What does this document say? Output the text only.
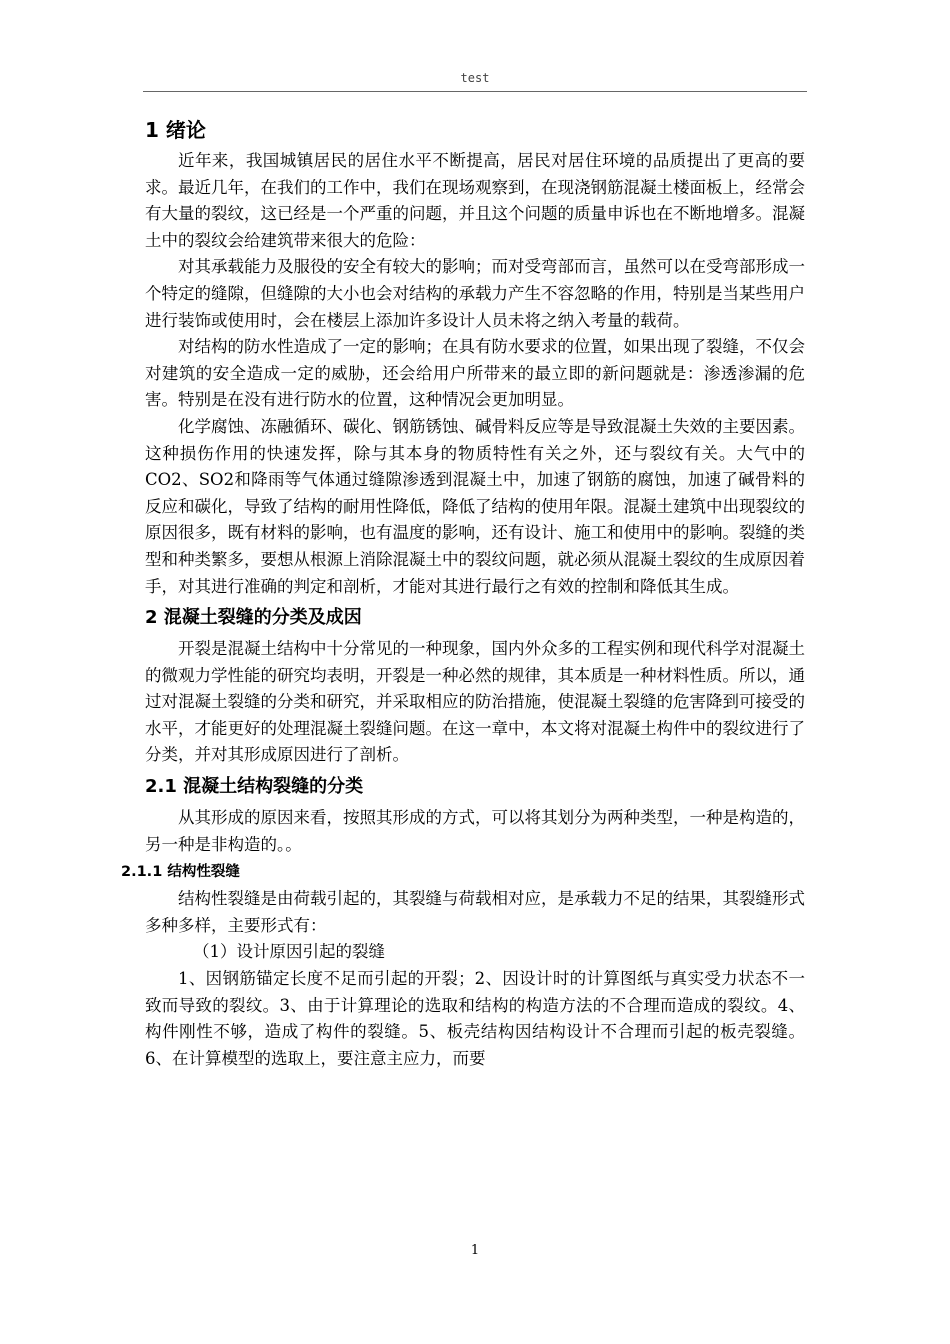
test
1 绪论

近年来，我国城镇居民的居住水平不断提高，居民对居住环境的品质提出了更高的要求。最近几年，在我们的工作中，我们在现场观察到，在现浇钢筋混凝土楼面板上，经常会有大量的裂纹，这已经是一个严重的问题，并且这个问题的质量申诉也在不断地增多。混凝土中的裂纹会给建筑带来很大的危险：

对其承载能力及服役的安全有较大的影响；而对受弯部而言，虽然可以在受弯部形成一个特定的缝隙，但缝隙的大小也会对结构的承载力产生不容忽略的作用，特别是当某些用户进行装饰或使用时，会在楼层上添加许多设计人员未将之纳入考量的载荷。

对结构的防水性造成了一定的影响；在具有防水要求的位置，如果出现了裂缝，不仅会对建筑的安全造成一定的威胁，还会给用户所带来的最立即的新问题就是：渗透渗漏的危害。特别是在没有进行防水的位置，这种情况会更加明显。

化学腐蚀、冻融循环、碳化、钢筋锈蚀、碱骨料反应等是导致混凝土失效的主要因素。这种损伤作用的快速发挥，除与其本身的物质特性有关之外，还与裂纹有关。大气中的CO2、SO2和降雨等气体通过缝隙渗透到混凝土中，加速了钢筋的腐蚀，加速了碱骨料的反应和碳化，导致了结构的耐用性降低，降低了结构的使用年限。混凝土建筑中出现裂纹的原因很多，既有材料的影响，也有温度的影响，还有设计、施工和使用中的影响。裂缝的类型和种类繁多，要想从根源上消除混凝土中的裂纹问题，就必须从混凝土裂纹的生成原因着手，对其进行准确的判定和剖析，才能对其进行最行之有效的控制和降低其生成。

2 混凝土裂缝的分类及成因

开裂是混凝土结构中十分常见的一种现象，国内外众多的工程实例和现代科学对混凝土的微观力学性能的研究均表明，开裂是一种必然的规律，其本质是一种材料性质。所以，通过对混凝土裂缝的分类和研究，并采取相应的防治措施，使混凝土裂缝的危害降到可接受的水平，才能更好的处理混凝土裂缝问题。在这一章中，本文将对混凝土构件中的裂纹进行了分类，并对其形成原因进行了剖析。

2.1 混凝土结构裂缝的分类

从其形成的原因来看，按照其形成的方式，可以将其划分为两种类型，一种是构造的，另一种是非构造的。。

2.1.1 结构性裂缝

结构性裂缝是由荷载引起的，其裂缝与荷载相对应，是承载力不足的结果，其裂缝形式多种多样，主要形式有：

（1）设计原因引起的裂缝

1、因钢筋锚定长度不足而引起的开裂；2、因设计时的计算图纸与真实受力状态不一致而导致的裂纹。3、由于计算理论的选取和结构的构造方法的不合理而造成的裂纹。4、构件刚性不够，造成了构件的裂缝。5、板壳结构因结构设计不合理而引起的板壳裂缝。6、在计算模型的选取上，要注意主应力，而要

1
